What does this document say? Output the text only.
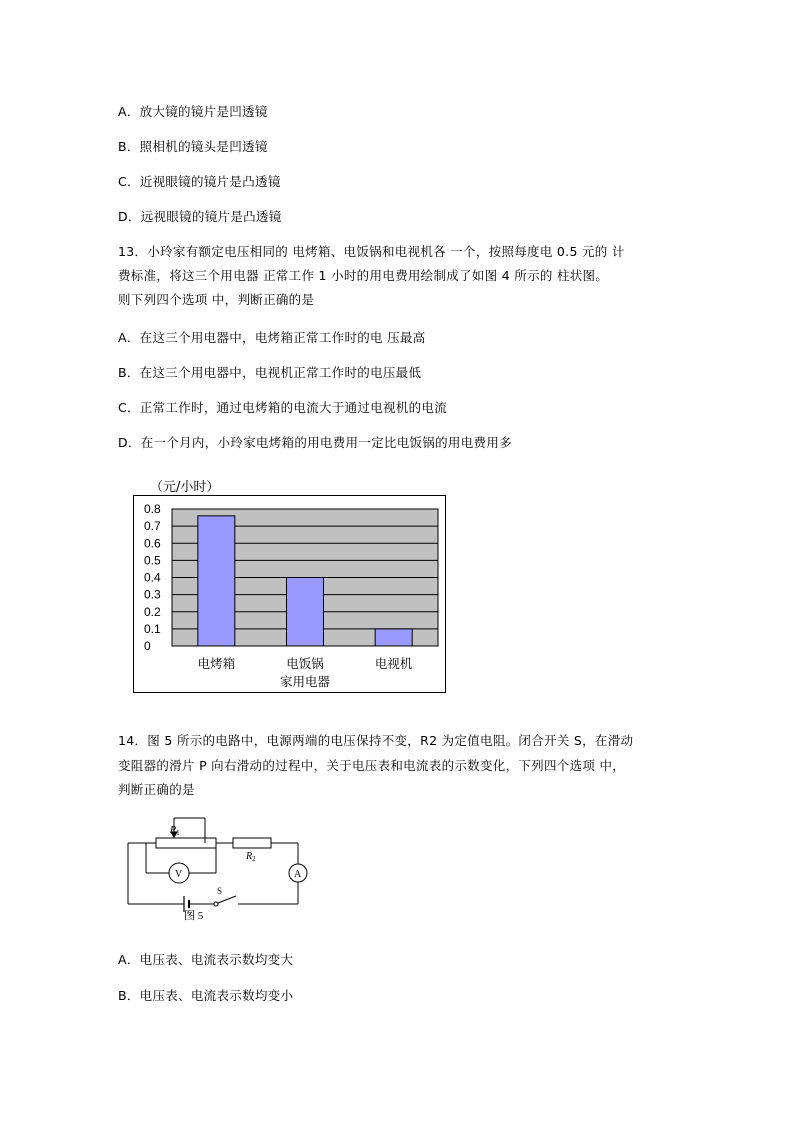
A．放大镜的镜片是凹透镜
B．照相机的镜头是凹透镜
C．近视眼镜的镜片是凸透镜
D．远视眼镜的镜片是凸透镜
13．小玲家有额定电压相同的 电烤箱、电饭锅和电视机各 一个，按照每度电 0.5 元的 计
费标准，将这三个用电器 正常工作 1 小时的用电费用绘制成了如图 4 所示的 柱状图。
则下列四个选项 中，判断正确的是
A．在这三个用电器中，电烤箱正常工作时的电 压最高
B．在这三个用电器中，电视机正常工作时的电压最低
C．正常工作时，通过电烤箱的电流大于通过电视机的电流
D．在一个月内，小玲家电烤箱的用电费用一定比电饭锅的用电费用多
（元/小时）
0
0.1
0.2
0.3
0.4
0.5
0.6
0.7
0.8
电烤箱	电饭锅	电视机
家用电器
14．图 5 所示的电路中，电源两端的电压保持不变，R2 为定值电阻。闭合开关 S，在滑动
变阻器的滑片 P 向右滑动的过程中，关于电压表和电流表的示数变化，下列四个选项 中，
判断正确的是
$R_1$
$R_2$
V	A
S
图 5
A．电压表、电流表示数均变大
B．电压表、电流表示数均变小
